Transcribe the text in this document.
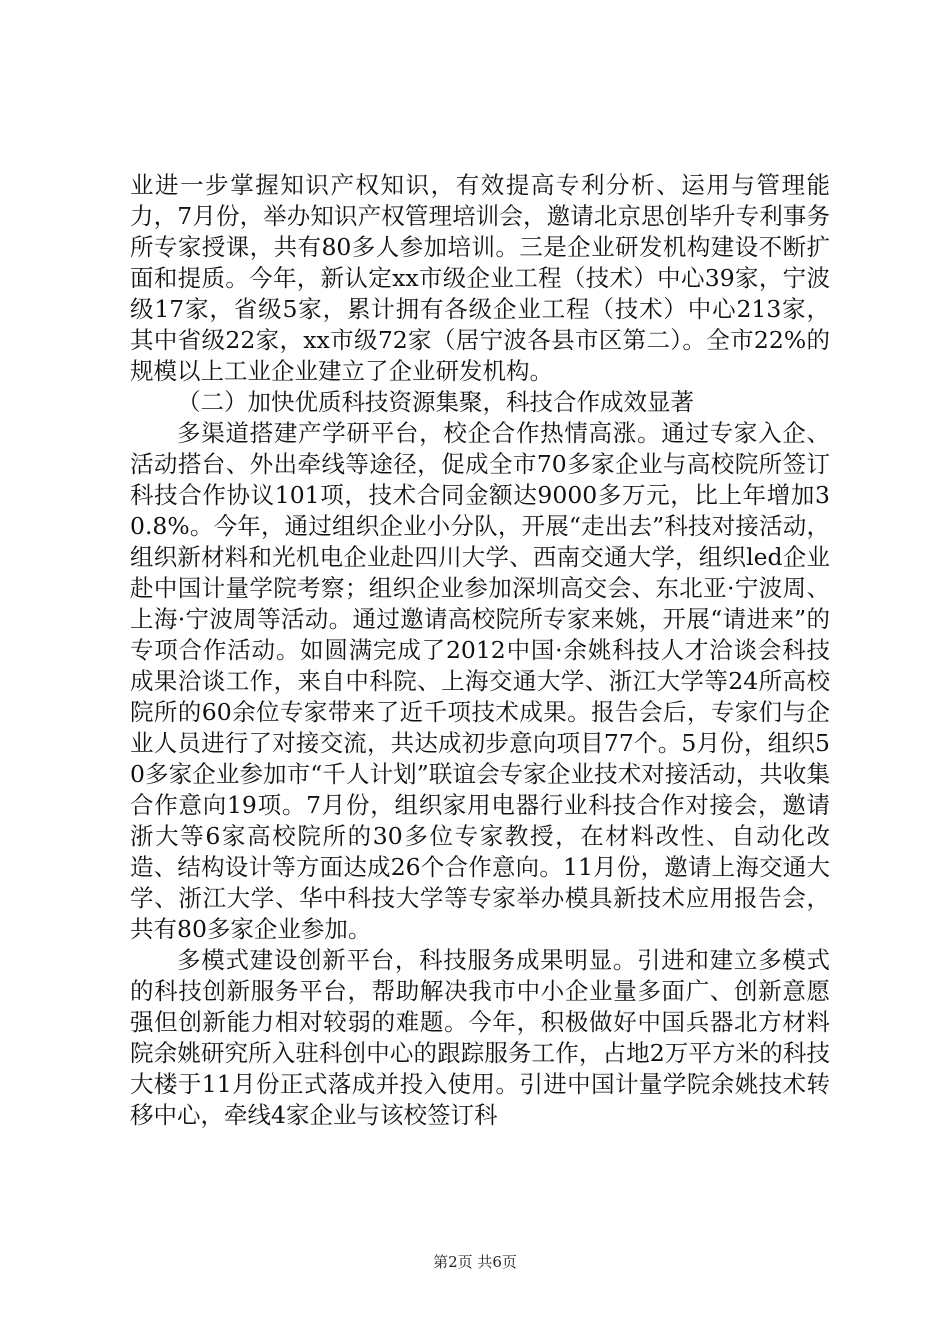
业进一步掌握知识产权知识，有效提高专利分析、运用与管理能力，7月份，举办知识产权管理培训会，邀请北京思创毕升专利事务所专家授课，共有80多人参加培训。三是企业研发机构建设不断扩面和提质。今年，新认定xx市级企业工程（技术）中心39家，宁波级17家，省级5家，累计拥有各级企业工程（技术）中心213家，其中省级22家，xx市级72家（居宁波各县市区第二）。全市22%的规模以上工业企业建立了企业研发机构。

（二）加快优质科技资源集聚，科技合作成效显著

多渠道搭建产学研平台，校企合作热情高涨。通过专家入企、活动搭台、外出牵线等途径，促成全市70多家企业与高校院所签订科技合作协议101项，技术合同金额达9000多万元，比上年增加30.8%。今年，通过组织企业小分队，开展“走出去”科技对接活动，组织新材料和光机电企业赴四川大学、西南交通大学，组织led企业赴中国计量学院考察；组织企业参加深圳高交会、东北亚·宁波周、上海·宁波周等活动。通过邀请高校院所专家来姚，开展“请进来”的专项合作活动。如圆满完成了2012中国·余姚科技人才洽谈会科技成果洽谈工作，来自中科院、上海交通大学、浙江大学等24所高校院所的60余位专家带来了近千项技术成果。报告会后，专家们与企业人员进行了对接交流，共达成初步意向项目77个。5月份，组织50多家企业参加市“千人计划”联谊会专家企业技术对接活动，共收集合作意向19项。7月份，组织家用电器行业科技合作对接会，邀请浙大等6家高校院所的30多位专家教授，在材料改性、自动化改造、结构设计等方面达成26个合作意向。11月份，邀请上海交通大学、浙江大学、华中科技大学等专家举办模具新技术应用报告会，共有80多家企业参加。

多模式建设创新平台，科技服务成果明显。引进和建立多模式的科技创新服务平台，帮助解决我市中小企业量多面广、创新意愿强但创新能力相对较弱的难题。今年，积极做好中国兵器北方材料院余姚研究所入驻科创中心的跟踪服务工作，占地2万平方米的科技大楼于11月份正式落成并投入使用。引进中国计量学院余姚技术转移中心，牵线4家企业与该校签订科

第2页 共6页
